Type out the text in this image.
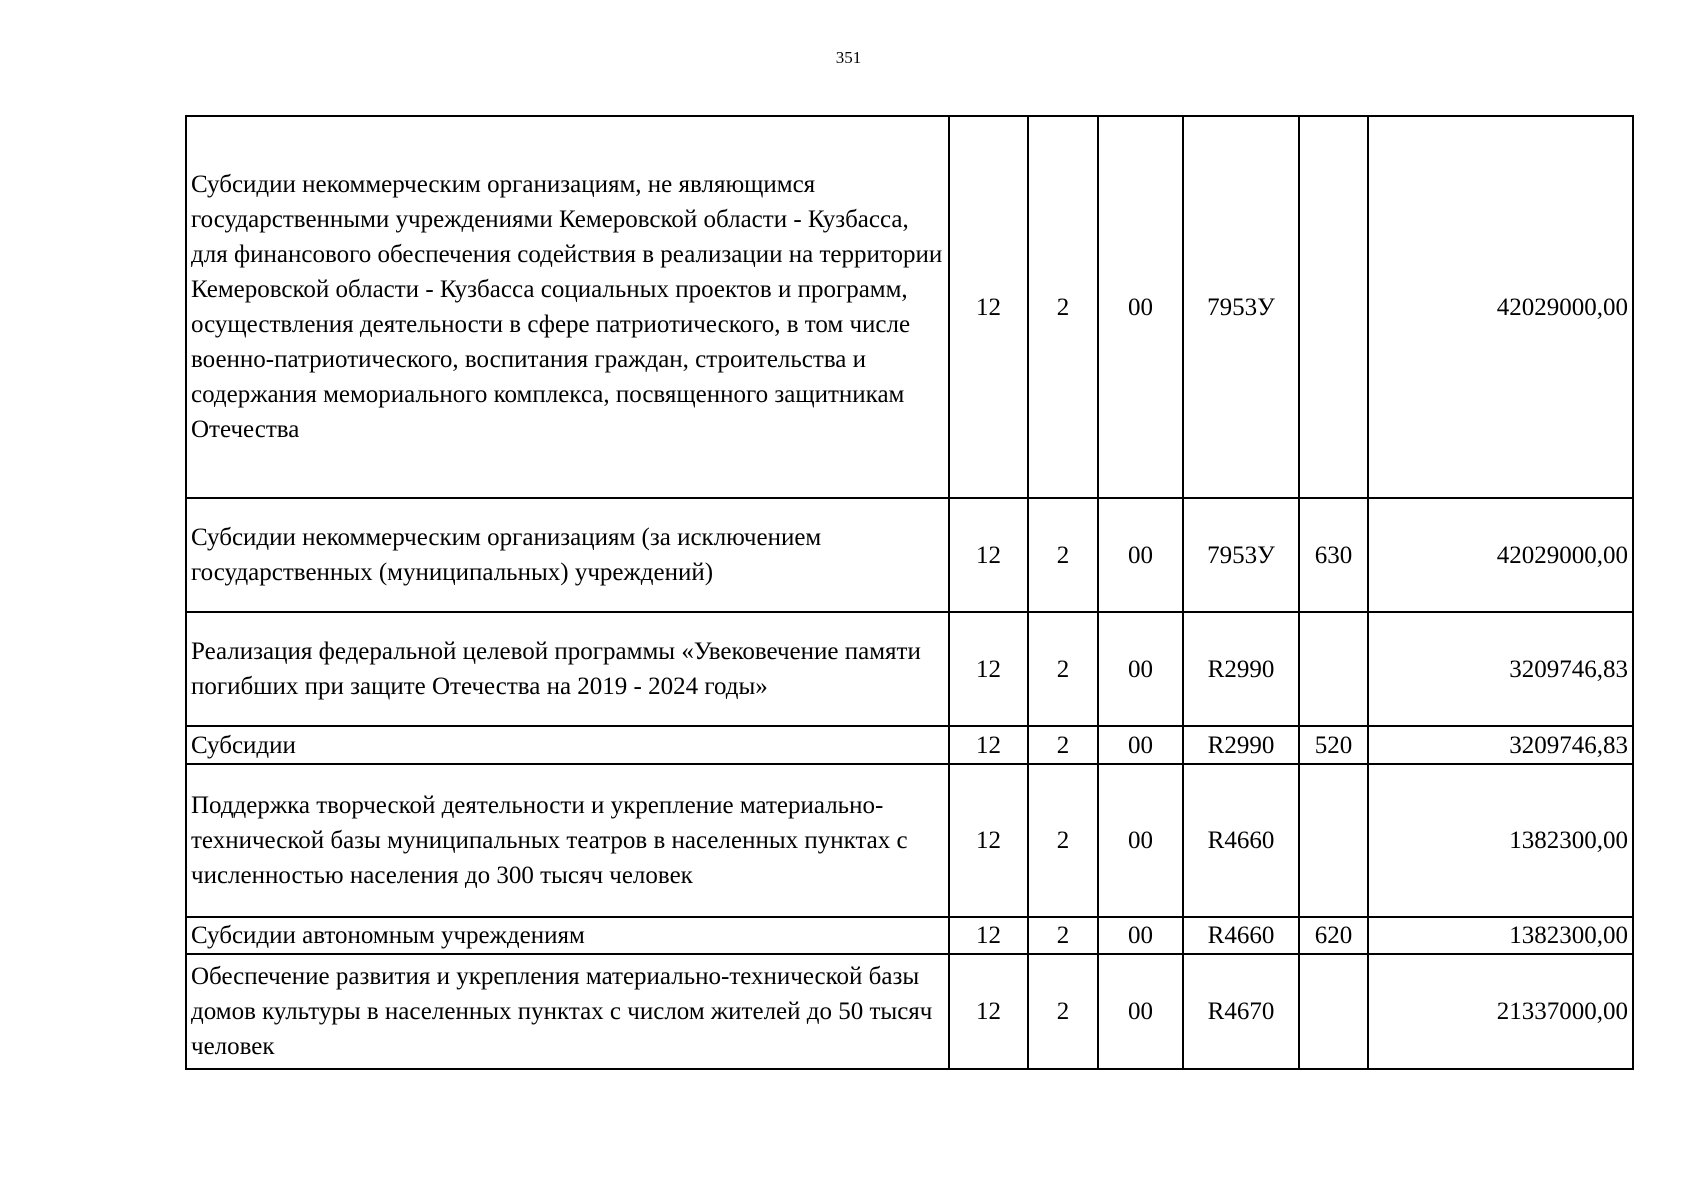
351
Субсидии некоммерческим организациям, не являющимся государственными учреждениями Кемеровской области - Кузбасса, для финансового обеспечения содействия в реализации на территории Кемеровской области - Кузбасса социальных проектов и программ, осуществления деятельности в сфере патриотического, в том числе военно-патриотического, воспитания граждан, строительства и содержания мемориального комплекса, посвященного защитникам Отечества	12	2	00	7953У		42029000,00
Субсидии некоммерческим организациям (за исключением государственных (муниципальных) учреждений)	12	2	00	7953У	630	42029000,00
Реализация федеральной целевой программы «Увековечение памяти погибших при защите Отечества на 2019 - 2024 годы»	12	2	00	R2990		3209746,83
Субсидии	12	2	00	R2990	520	3209746,83
Поддержка творческой деятельности и укрепление материально-технической базы муниципальных театров в населенных пунктах с численностью населения до 300 тысяч человек	12	2	00	R4660		1382300,00
Субсидии автономным учреждениям	12	2	00	R4660	620	1382300,00
Обеспечение развития и укрепления материально-технической базы домов культуры в населенных пунктах с числом жителей до 50 тысяч человек	12	2	00	R4670		21337000,00
